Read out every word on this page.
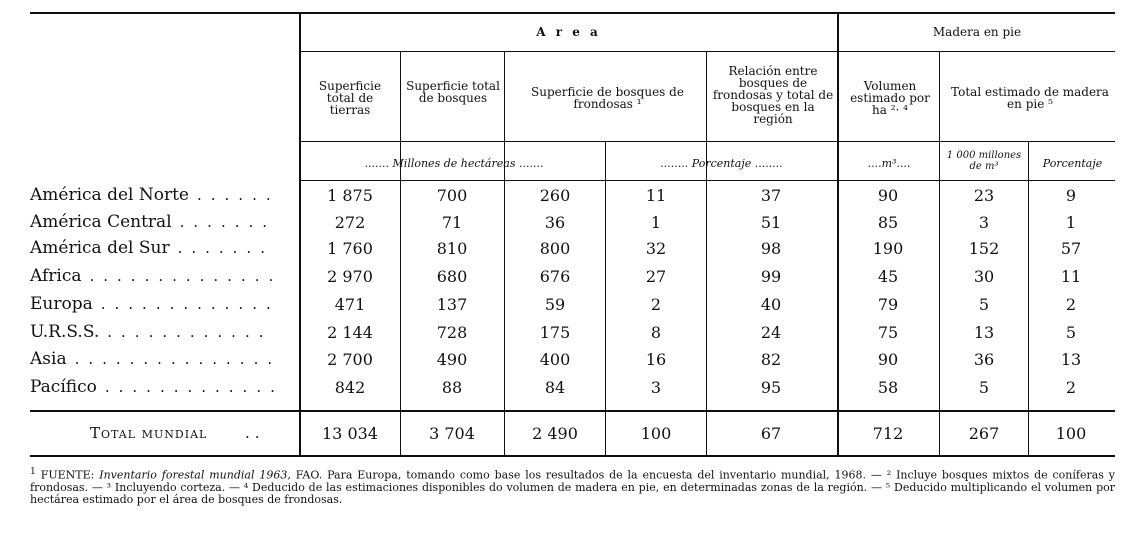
A r e a	Madera en pie
Superficie total de tierras
Superficie total de bosques	Superficie de bosques de frondosas ¹
Relación entre bosques de frondosas y total de bosques en la región
Volumen estimado por ha ²· ⁴
Total estimado de madera en pie ⁵
....... Millones de hectáreas .......	........ Porcentaje ........	....m³....
1 000 millones de m³	Porcentaje
América del Norte ......	1 875	700	260	11	37	90	23	9
América Central .......	272	71	36	1	51	85	3	1
América del Sur .......	1 760	810	800	32	98	190	152	57
Africa ..............	2 970	680	676	27	99	45	30	11
Europa .............	471	137	59	2	40	79	5	2
U.R.S.S. ............	2 144	728	175	8	24	75	13	5
Asia ...............	2 700	490	400	16	82	90	36	13
Pacífico .............	842	88	84	3	95	58	5	2
Total mundial	..	13 034	3 704	2 490	100	67	712	267	100
$^1$ FUENTE: Inventario forestal mundial 1963, FAO. Para Europa, tomando como base los resultados de la encuesta del inventario mundial, 1968. — ² Incluye bosques mixtos de coníferas y frondosas. — ³ Incluyendo corteza. — ⁴ Deducido de las estimaciones disponibles do volumen de madera en pie, en determinadas zonas de la región. — ⁵ Deducido multiplicando el volumen por hectárea estimado por el área de bosques de frondosas.
